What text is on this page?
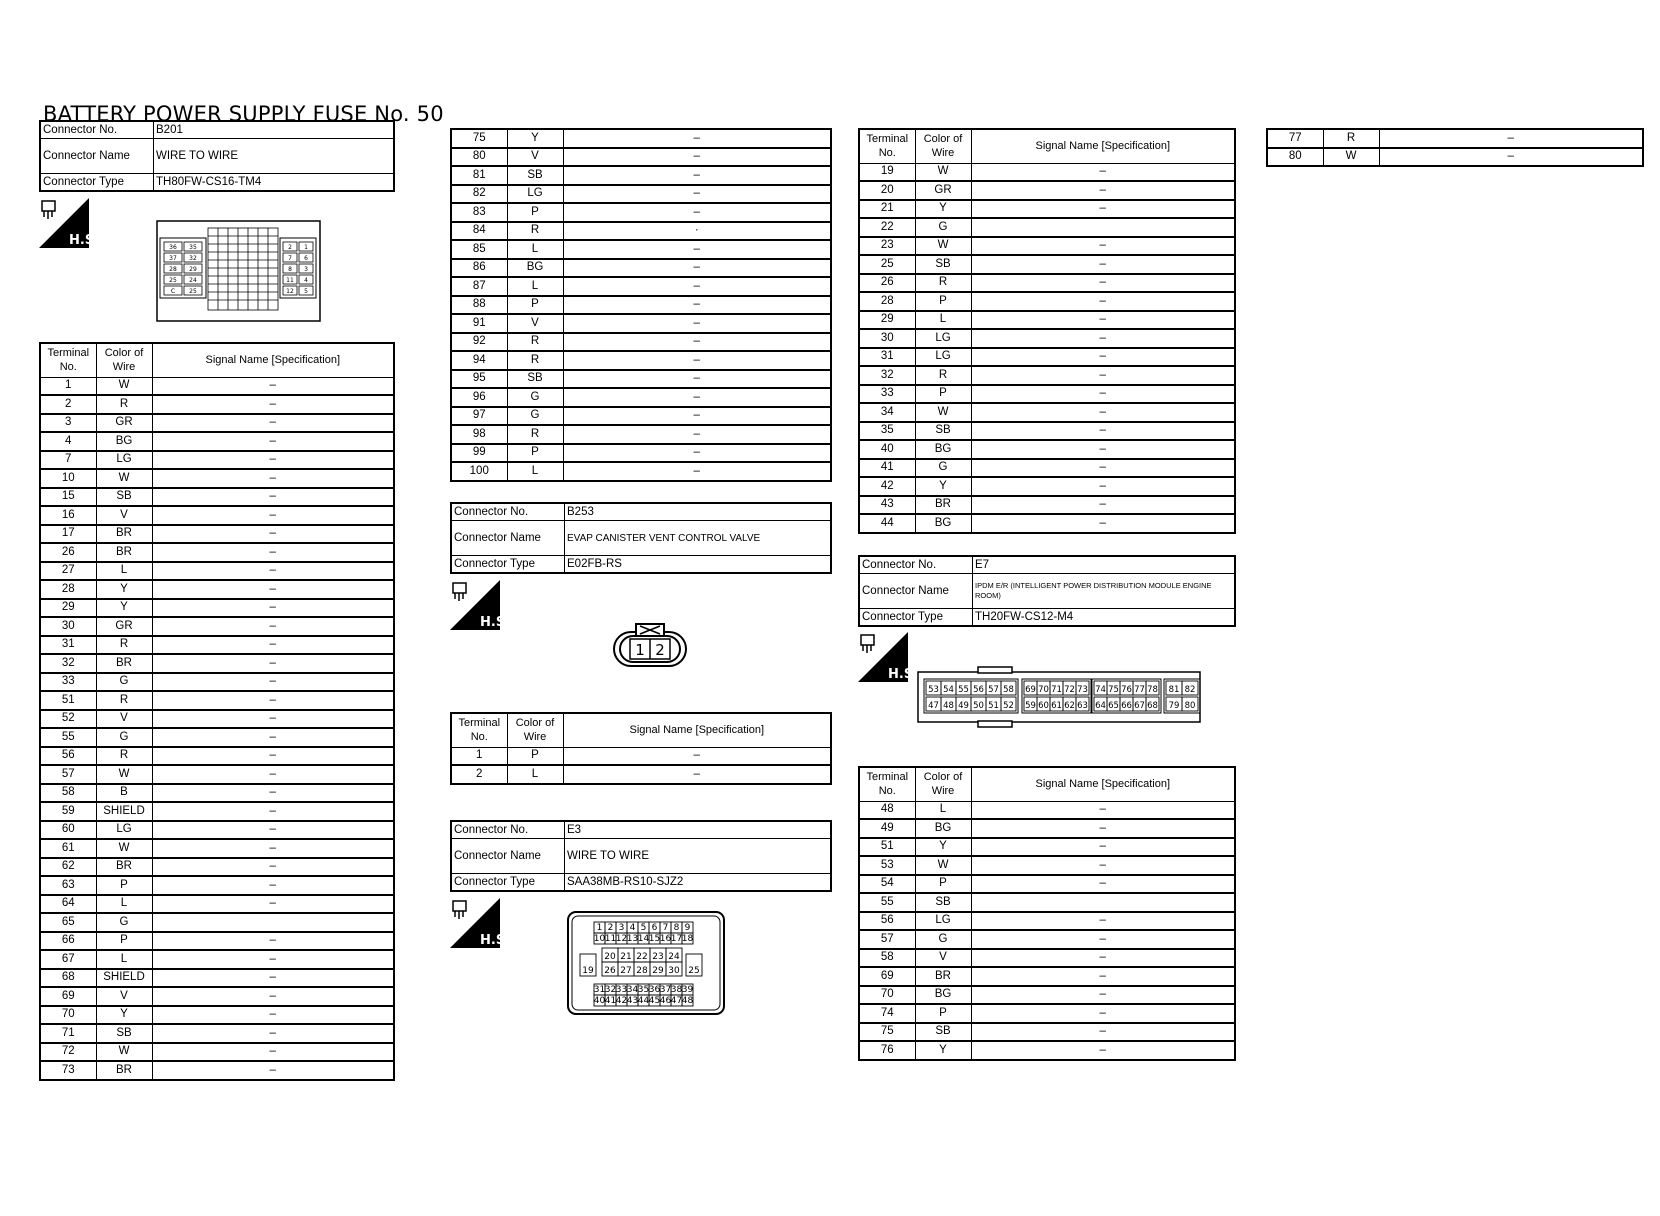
BATTERY POWER SUPPLY FUSE No. 50
Connector No.	B201
Connector Name	WIRE TO WIRE
Connector Type	TH80FW-CS16-TM4
H.S.	36 35
37 32
28 29
25 24
C 25
2 1
7 6
8 3
11 4
12 5
Terminal No.	Color of Wire	Signal Name [Specification]
1	W	–
2	R	–
3	GR	–
4	BG	–
7	LG	–
10	W	–
15	SB	–
16	V	–
17	BR	–
26	BR	–
27	L	–
28	Y	–
29	Y	–
30	GR	–
31	R	–
32	BR	–
33	G	–
51	R	–
52	V	–
55	G	–
56	R	–
57	W	–
58	B	–
59	SHIELD	–
60	LG	–
61	W	–
62	BR	–
63	P	–
64	L	–
65	G	
66	P	–
67	L	–
68	SHIELD	–
69	V	–
70	Y	–
71	SB	–
72	W	–
73	BR	–
75	Y	–
80	V	–
81	SB	–
82	LG	–
83	P	–
84	R	·
85	L	–
86	BG	–
87	L	–
88	P	–
91	V	–
92	R	–
94	R	–
95	SB	–
96	G	–
97	G	–
98	R	–
99	P	–
100	L	–
Connector No.	B253
Connector Name	EVAP CANISTER VENT CONTROL VALVE
Connector Type	E02FB-RS
H.S.
1 2
Terminal No.	Color of Wire	Signal Name [Specification]
1	P	–
2	L	–
Connector No.	E3
Connector Name	WIRE TO WIRE
Connector Type	SAA38MB-RS10-SJZ2
H.S.
1 2 3 4 5 6 7 8 9
10 11 12 13 14 15 16 17 18
19
20 21 22 23 24
26 27 28 29 30 25
31 32 33 34 35 36 37 38 39
40 41 42 43 44 45 46 47 48
Terminal No.	Color of Wire	Signal Name [Specification]
19	W	–
20	GR	–
21	Y	–
22	G	
23	W	–
25	SB	–
26	R	–
28	P	–
29	L	–
30	LG	–
31	LG	–
32	R	–
33	P	–
34	W	–
35	SB	–
40	BG	–
41	G	–
42	Y	–
43	BR	–
44	BG	–
Connector No.	E7
Connector Name	IPDM E/R (INTELLIGENT POWER DISTRIBUTION MODULE ENGINE ROOM)
Connector Type	TH20FW-CS12-M4
H.S.
53 54 55 56 57 58
47 48 49 50 51 52
69 70 71 72 73
59 60 61 62 63
74 75 76 77 78
64 65 66 67 68
81 82
79 80
Terminal No.	Color of Wire	Signal Name [Specification]
48	L	–
49	BG	–
51	Y	–
53	W	–
54	P	–
55	SB	
56	LG	–
57	G	–
58	V	–
69	BR	–
70	BG	–
74	P	–
75	SB	–
76	Y	–
77	R	–
80	W	–
